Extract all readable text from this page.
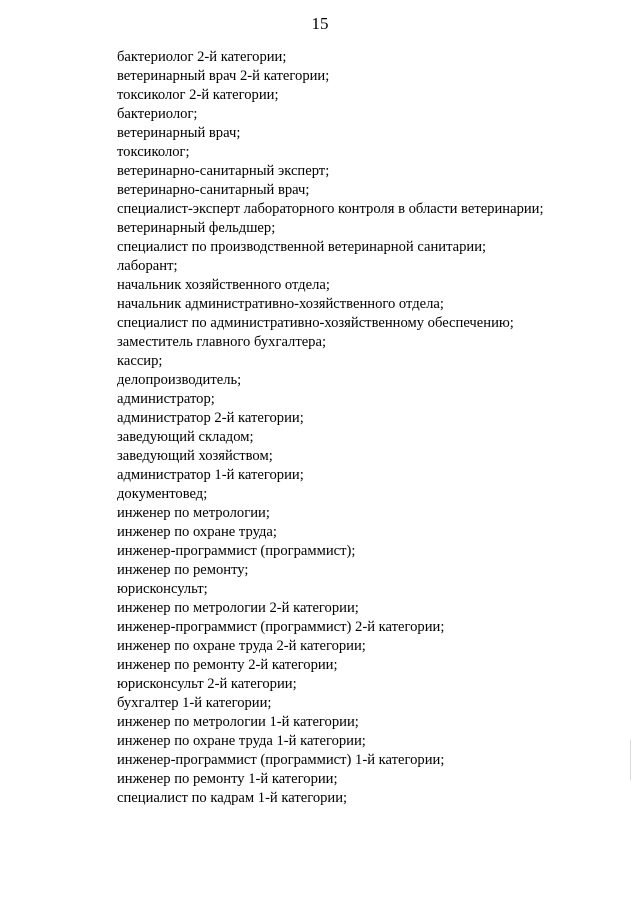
15
бактериолог 2-й категории;
ветеринарный врач 2-й категории;
токсиколог 2-й категории;
бактериолог;
ветеринарный врач;
токсиколог;
ветеринарно-санитарный эксперт;
ветеринарно-санитарный врач;
специалист-эксперт лабораторного контроля в области ветеринарии;
ветеринарный фельдшер;
специалист по производственной ветеринарной санитарии;
лаборант;
начальник хозяйственного отдела;
начальник административно-хозяйственного отдела;
специалист по административно-хозяйственному обеспечению;
заместитель главного бухгалтера;
кассир;
делопроизводитель;
администратор;
администратор 2-й категории;
заведующий складом;
заведующий хозяйством;
администратор 1-й категории;
документовед;
инженер по метрологии;
инженер по охране труда;
инженер-программист (программист);
инженер по ремонту;
юрисконсульт;
инженер по метрологии 2-й категории;
инженер-программист (программист) 2-й категории;
инженер по охране труда 2-й категории;
инженер по ремонту 2-й категории;
юрисконсульт 2-й категории;
бухгалтер 1-й категории;
инженер по метрологии 1-й категории;
инженер по охране труда 1-й категории;
инженер-программист (программист) 1-й категории;
инженер по ремонту 1-й категории;
специалист по кадрам 1-й категории;
